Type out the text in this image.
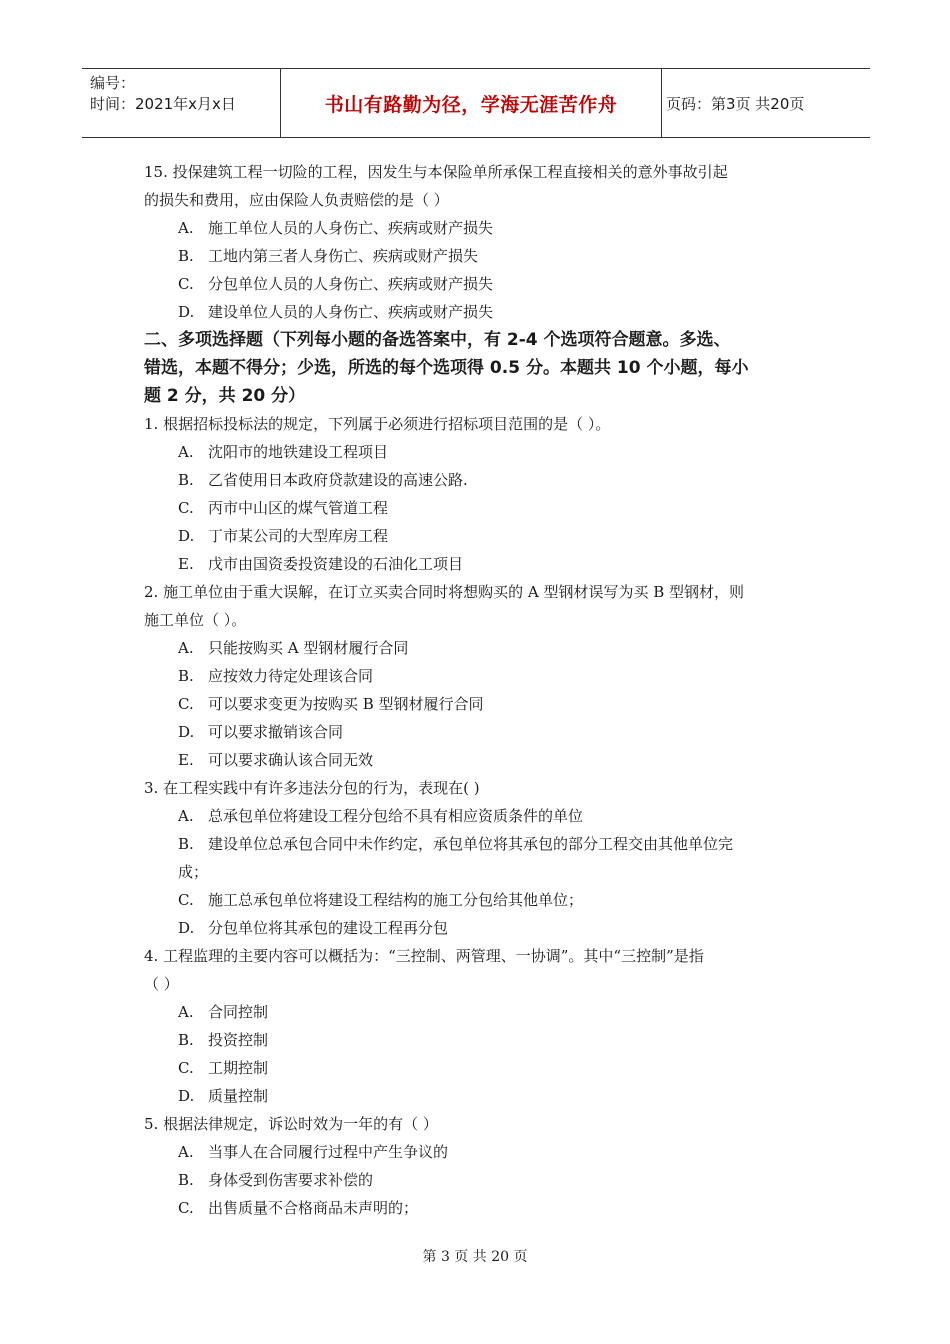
编号：
时间：2021年x月x日	书山有路勤为径，学海无涯苦作舟	页码：第3页 共20页

15. 投保建筑工程一切险的工程，因发生与本保险单所承保工程直接相关的意外事故引起

的损失和费用，应由保险人负责赔偿的是（ ）

A. 施工单位人员的人身伤亡、疾病或财产损失

B. 工地内第三者人身伤亡、疾病或财产损失

C. 分包单位人员的人身伤亡、疾病或财产损失

D. 建设单位人员的人身伤亡、疾病或财产损失

二、多项选择题（下列每小题的备选答案中，有 2-4 个选项符合题意。多选、

错选，本题不得分；少选，所选的每个选项得 0.5 分。本题共 10 个小题，每小

题 2 分，共 20 分）

1. 根据招标投标法的规定，下列属于必须进行招标项目范围的是（ ）。

A. 沈阳市的地铁建设工程项目

B. 乙省使用日本政府贷款建设的高速公路.

C. 丙市中山区的煤气管道工程

D. 丁市某公司的大型库房工程

E. 戊市由国资委投资建设的石油化工项目

2. 施工单位由于重大误解，在订立买卖合同时将想购买的 A 型钢材误写为买 B 型钢材，则

施工单位（ ）。

A. 只能按购买 A 型钢材履行合同

B. 应按效力待定处理该合同

C. 可以要求变更为按购买 B 型钢材履行合同

D. 可以要求撤销该合同

E. 可以要求确认该合同无效

3. 在工程实践中有许多违法分包的行为，表现在( )

A. 总承包单位将建设工程分包给不具有相应资质条件的单位

B. 建设单位总承包合同中未作约定，承包单位将其承包的部分工程交由其他单位完

成；

C. 施工总承包单位将建设工程结构的施工分包给其他单位；

D. 分包单位将其承包的建设工程再分包

4. 工程监理的主要内容可以概括为：“三控制、两管理、一协调”。其中“三控制”是指

（ ）

A. 合同控制

B. 投资控制

C. 工期控制

D. 质量控制

5. 根据法律规定，诉讼时效为一年的有（ ）

A. 当事人在合同履行过程中产生争议的

B. 身体受到伤害要求补偿的

C. 出售质量不合格商品未声明的；

第 3 页 共 20 页
